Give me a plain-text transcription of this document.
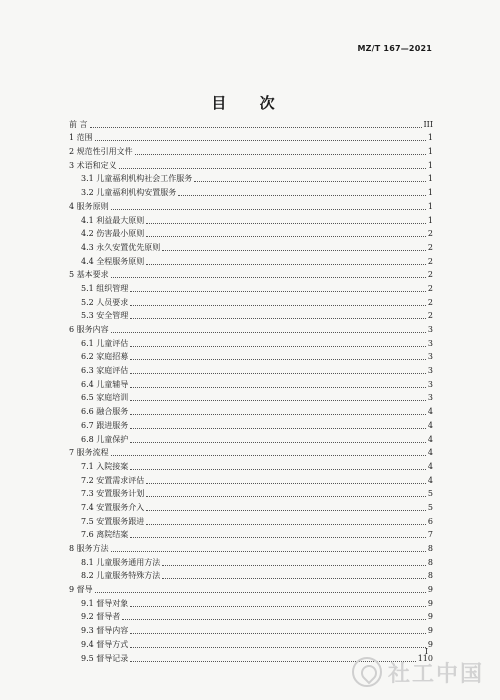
MZ/T 167—2021
目 次
前 言	III
1 范围	1
2 规范性引用文件	1
3 术语和定义	1
3.1 儿童福利机构社会工作服务	1
3.2 儿童福利机构安置服务	1
4 服务原则	1
4.1 利益最大原则	1
4.2 伤害最小原则	2
4.3 永久安置优先原则	2
4.4 全程服务原则	2
5 基本要求	2
5.1 组织管理	2
5.2 人员要求	2
5.3 安全管理	2
6 服务内容	3
6.1 儿童评估	3
6.2 家庭招募	3
6.3 家庭评估	3
6.4 儿童辅导	3
6.5 家庭培训	3
6.6 融合服务	4
6.7 跟进服务	4
6.8 儿童保护	4
7 服务流程	4
7.1 入院接案	4
7.2 安置需求评估	4
7.3 安置服务计划	5
7.4 安置服务介入	5
7.5 安置服务跟进	6
7.6 离院结案	7
8 服务方法	8
8.1 儿童服务通用方法	8
8.2 儿童服务特殊方法	8
9 督导	9
9.1 督导对象	9
9.2 督导者	9
9.3 督导内容	9
9.4 督导方式	9
9.5 督导记录	110
I
社工中国
